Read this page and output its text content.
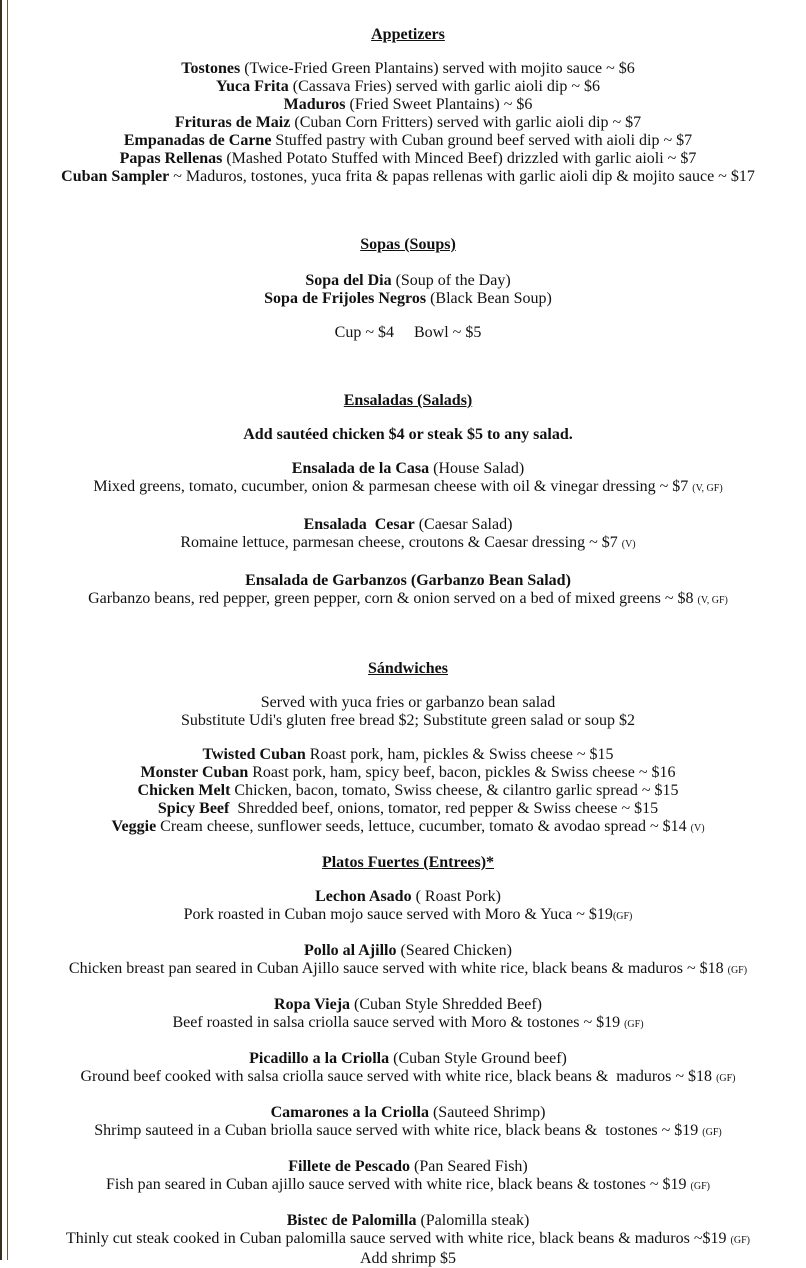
Appetizers
Tostones (Twice-Fried Green Plantains) served with mojito sauce ~ $6
Yuca Frita (Cassava Fries) served with garlic aioli dip ~ $6
Maduros (Fried Sweet Plantains) ~ $6
Frituras de Maiz (Cuban Corn Fritters) served with garlic aioli dip ~ $7
Empanadas de Carne Stuffed pastry with Cuban ground beef served with aioli dip ~ $7
Papas Rellenas (Mashed Potato Stuffed with Minced Beef) drizzled with garlic aioli ~ $7
Cuban Sampler ~ Maduros, tostones, yuca frita & papas rellenas with garlic aioli dip & mojito sauce ~ $17
Sopas (Soups)
Sopa del Dia (Soup of the Day)
Sopa de Frijoles Negros (Black Bean Soup)
Cup ~ $4     Bowl ~ $5
Ensaladas (Salads)
Add sautéed chicken $4 or steak $5 to any salad.
Ensalada de la Casa (House Salad)
Mixed greens, tomato, cucumber, onion & parmesan cheese with oil & vinegar dressing ~ $7 (V, GF)
Ensalada  Cesar (Caesar Salad)
Romaine lettuce, parmesan cheese, croutons & Caesar dressing ~ $7 (V)
Ensalada de Garbanzos (Garbanzo Bean Salad)
Garbanzo beans, red pepper, green pepper, corn & onion served on a bed of mixed greens ~ $8 (V, GF)
Sándwiches
Served with yuca fries or garbanzo bean salad
Substitute Udi's gluten free bread $2; Substitute green salad or soup $2
Twisted Cuban Roast pork, ham, pickles & Swiss cheese ~ $15
Monster Cuban Roast pork, ham, spicy beef, bacon, pickles & Swiss cheese ~ $16
Chicken Melt Chicken, bacon, tomato, Swiss cheese, & cilantro garlic spread ~ $15
Spicy Beef  Shredded beef, onions, tomator, red pepper & Swiss cheese ~ $15
Veggie Cream cheese, sunflower seeds, lettuce, cucumber, tomato & avodao spread ~ $14 (V)
Platos Fuertes (Entrees)*
Lechon Asado ( Roast Pork)
Pork roasted in Cuban mojo sauce served with Moro & Yuca ~ $19(GF)
Pollo al Ajillo (Seared Chicken)
Chicken breast pan seared in Cuban Ajillo sauce served with white rice, black beans & maduros ~ $18 (GF)
Ropa Vieja (Cuban Style Shredded Beef)
Beef roasted in salsa criolla sauce served with Moro & tostones ~ $19 (GF)
Picadillo a la Criolla (Cuban Style Ground beef)
Ground beef cooked with salsa criolla sauce served with white rice, black beans &  maduros ~ $18 (GF)
Camarones a la Criolla (Sauteed Shrimp)
Shrimp sauteed in a Cuban briolla sauce served with white rice, black beans &  tostones ~ $19 (GF)
Fillete de Pescado (Pan Seared Fish)
Fish pan seared in Cuban ajillo sauce served with white rice, black beans & tostones ~ $19 (GF)
Bistec de Palomilla (Palomilla steak)
Thinly cut steak cooked in Cuban palomilla sauce served with white rice, black beans & maduros ~$19 (GF)
Add shrimp $5
